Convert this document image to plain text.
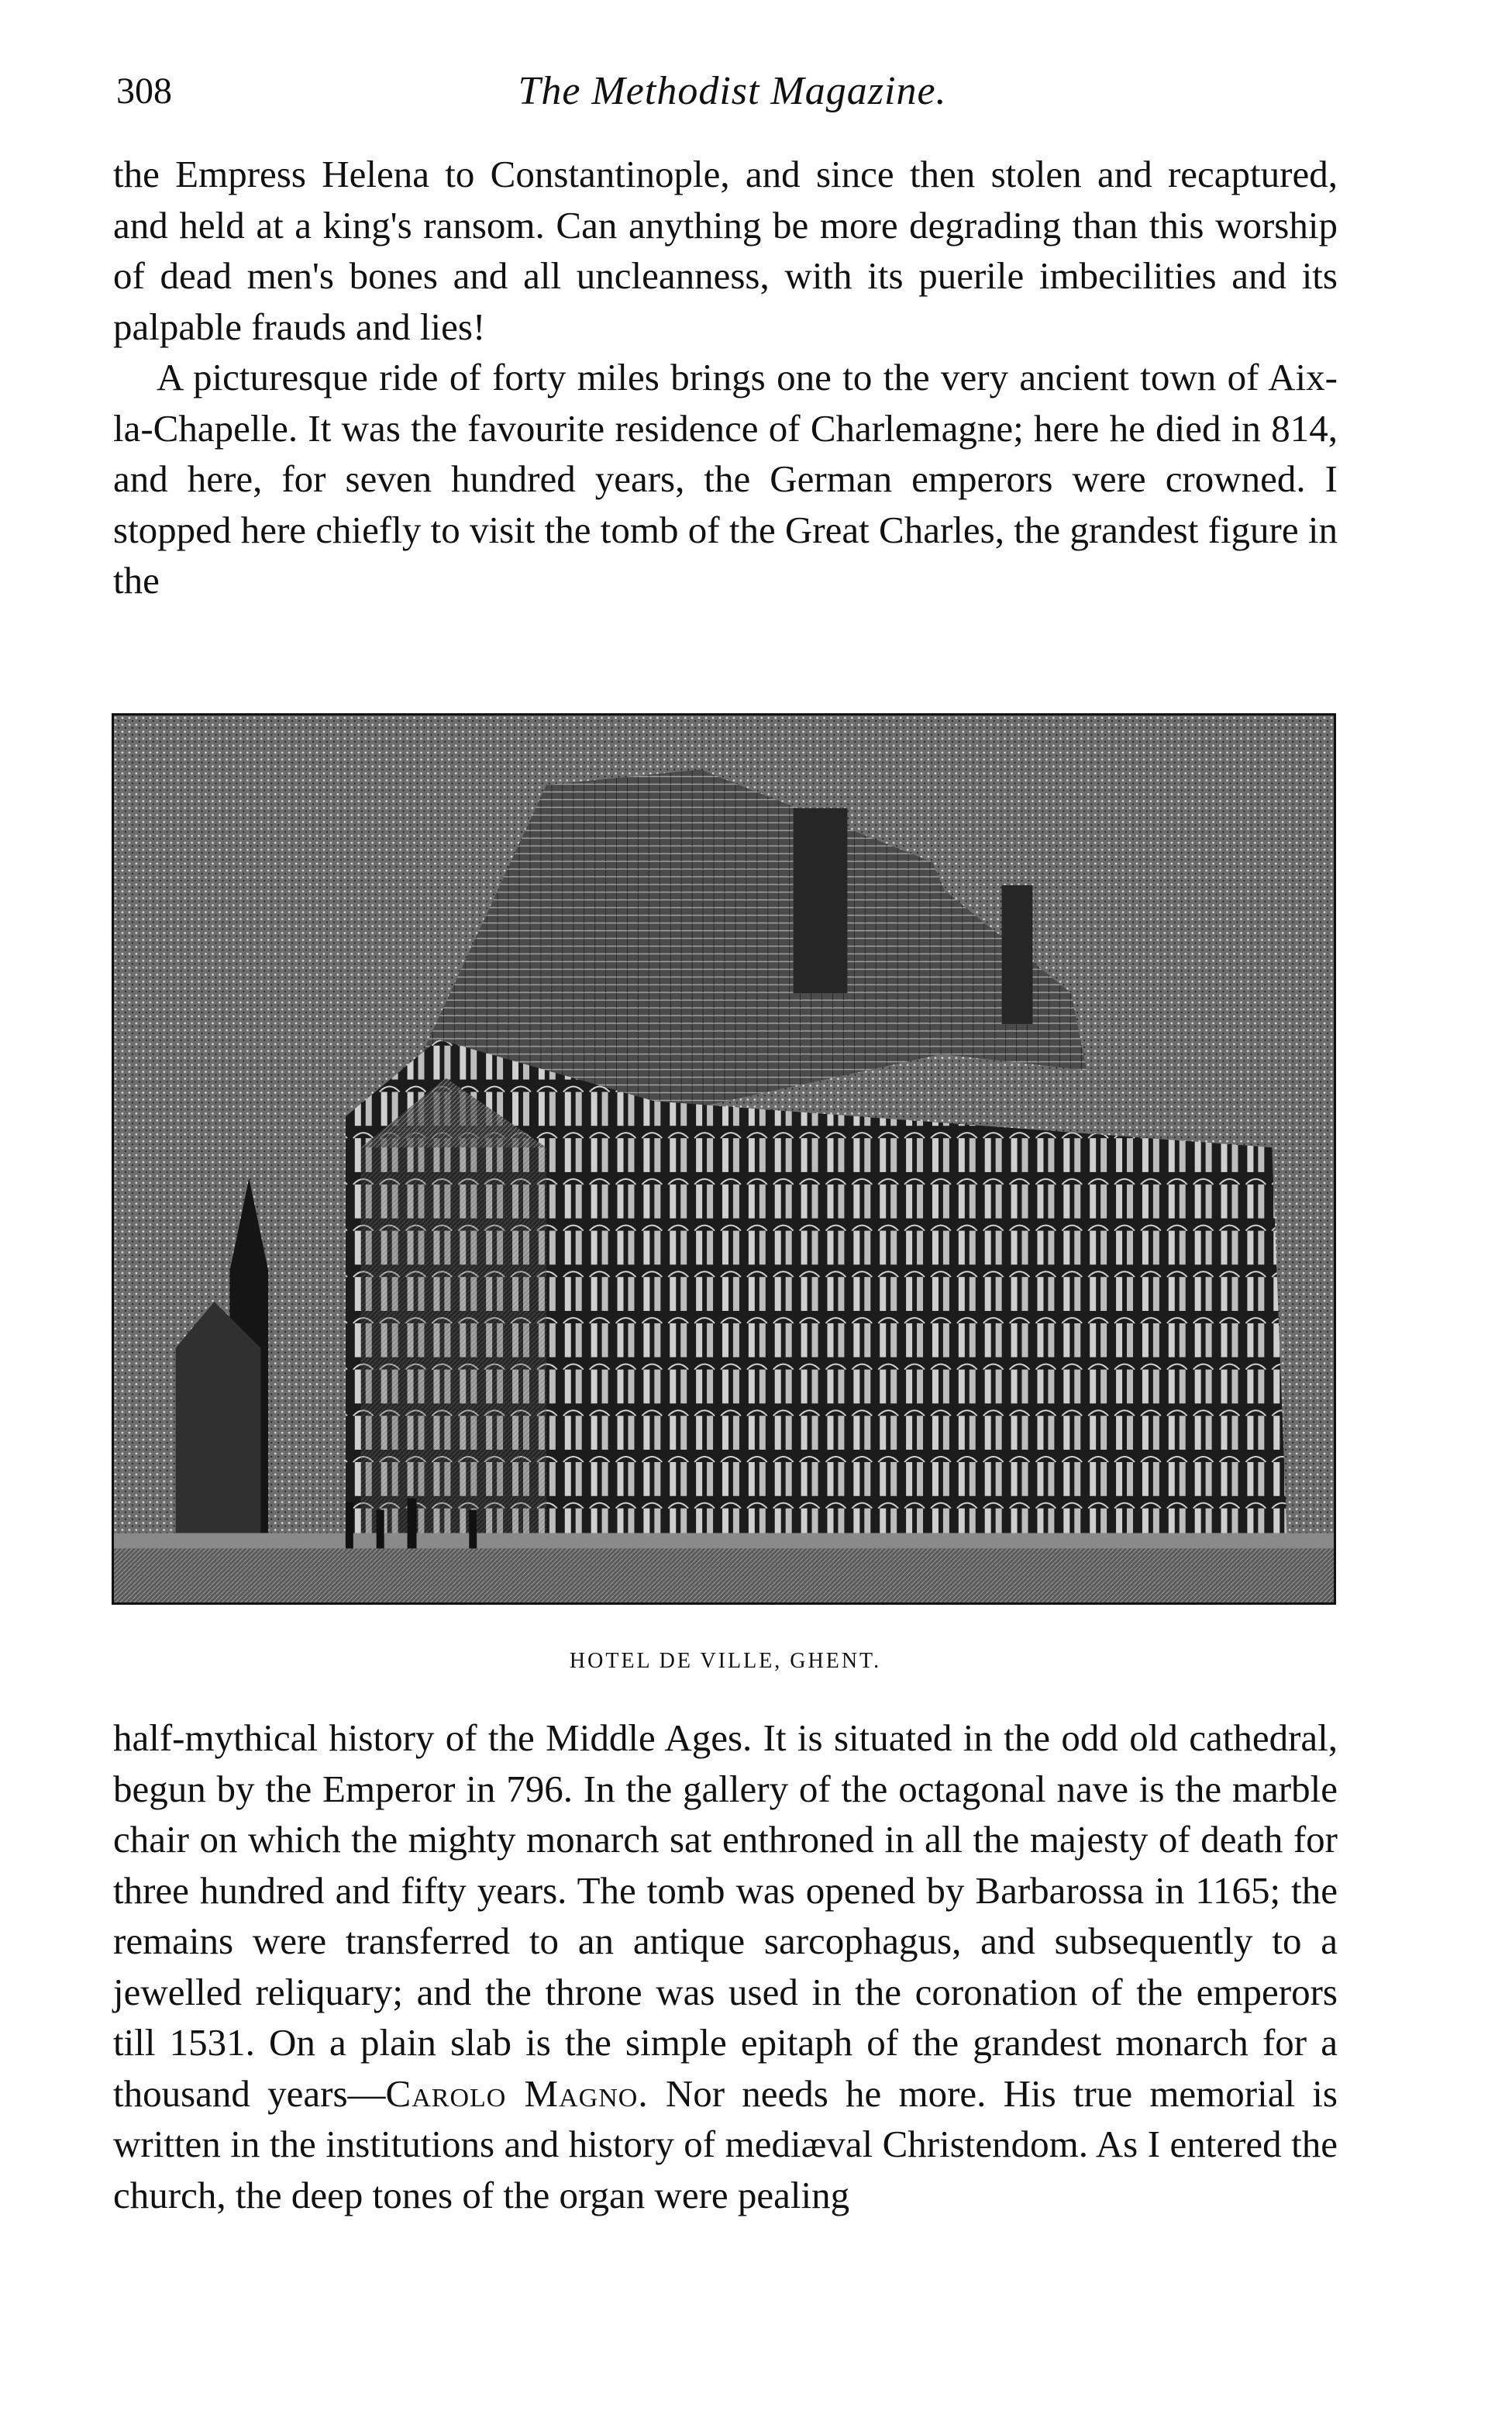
The Methodist Magazine.
308

the Empress Helena to Constantinople, and since then stolen and recaptured, and held at a king's ransom. Can anything be more degrading than this worship of dead men's bones and all uncleanness, with its puerile imbecilities and its palpable frauds and lies!

A picturesque ride of forty miles brings one to the very ancient town of Aix-la-Chapelle. It was the favourite residence of Charlemagne; here he died in 814, and here, for seven hundred years, the German emperors were crowned. I stopped here chiefly to visit the tomb of the Great Charles, the grandest figure in the

HOTEL DE VILLE, GHENT.

half-mythical history of the Middle Ages. It is situated in the odd old cathedral, begun by the Emperor in 796. In the gallery of the octagonal nave is the marble chair on which the mighty monarch sat enthroned in all the majesty of death for three hundred and fifty years. The tomb was opened by Barbarossa in 1165; the remains were transferred to an antique sarcophagus, and subsequently to a jewelled reliquary; and the throne was used in the coronation of the emperors till 1531. On a plain slab is the simple epitaph of the grandest monarch for a thousand years—Carolo Magno. Nor needs he more. His true memorial is written in the institutions and history of mediæval Christendom. As I entered the church, the deep tones of the organ were pealing
